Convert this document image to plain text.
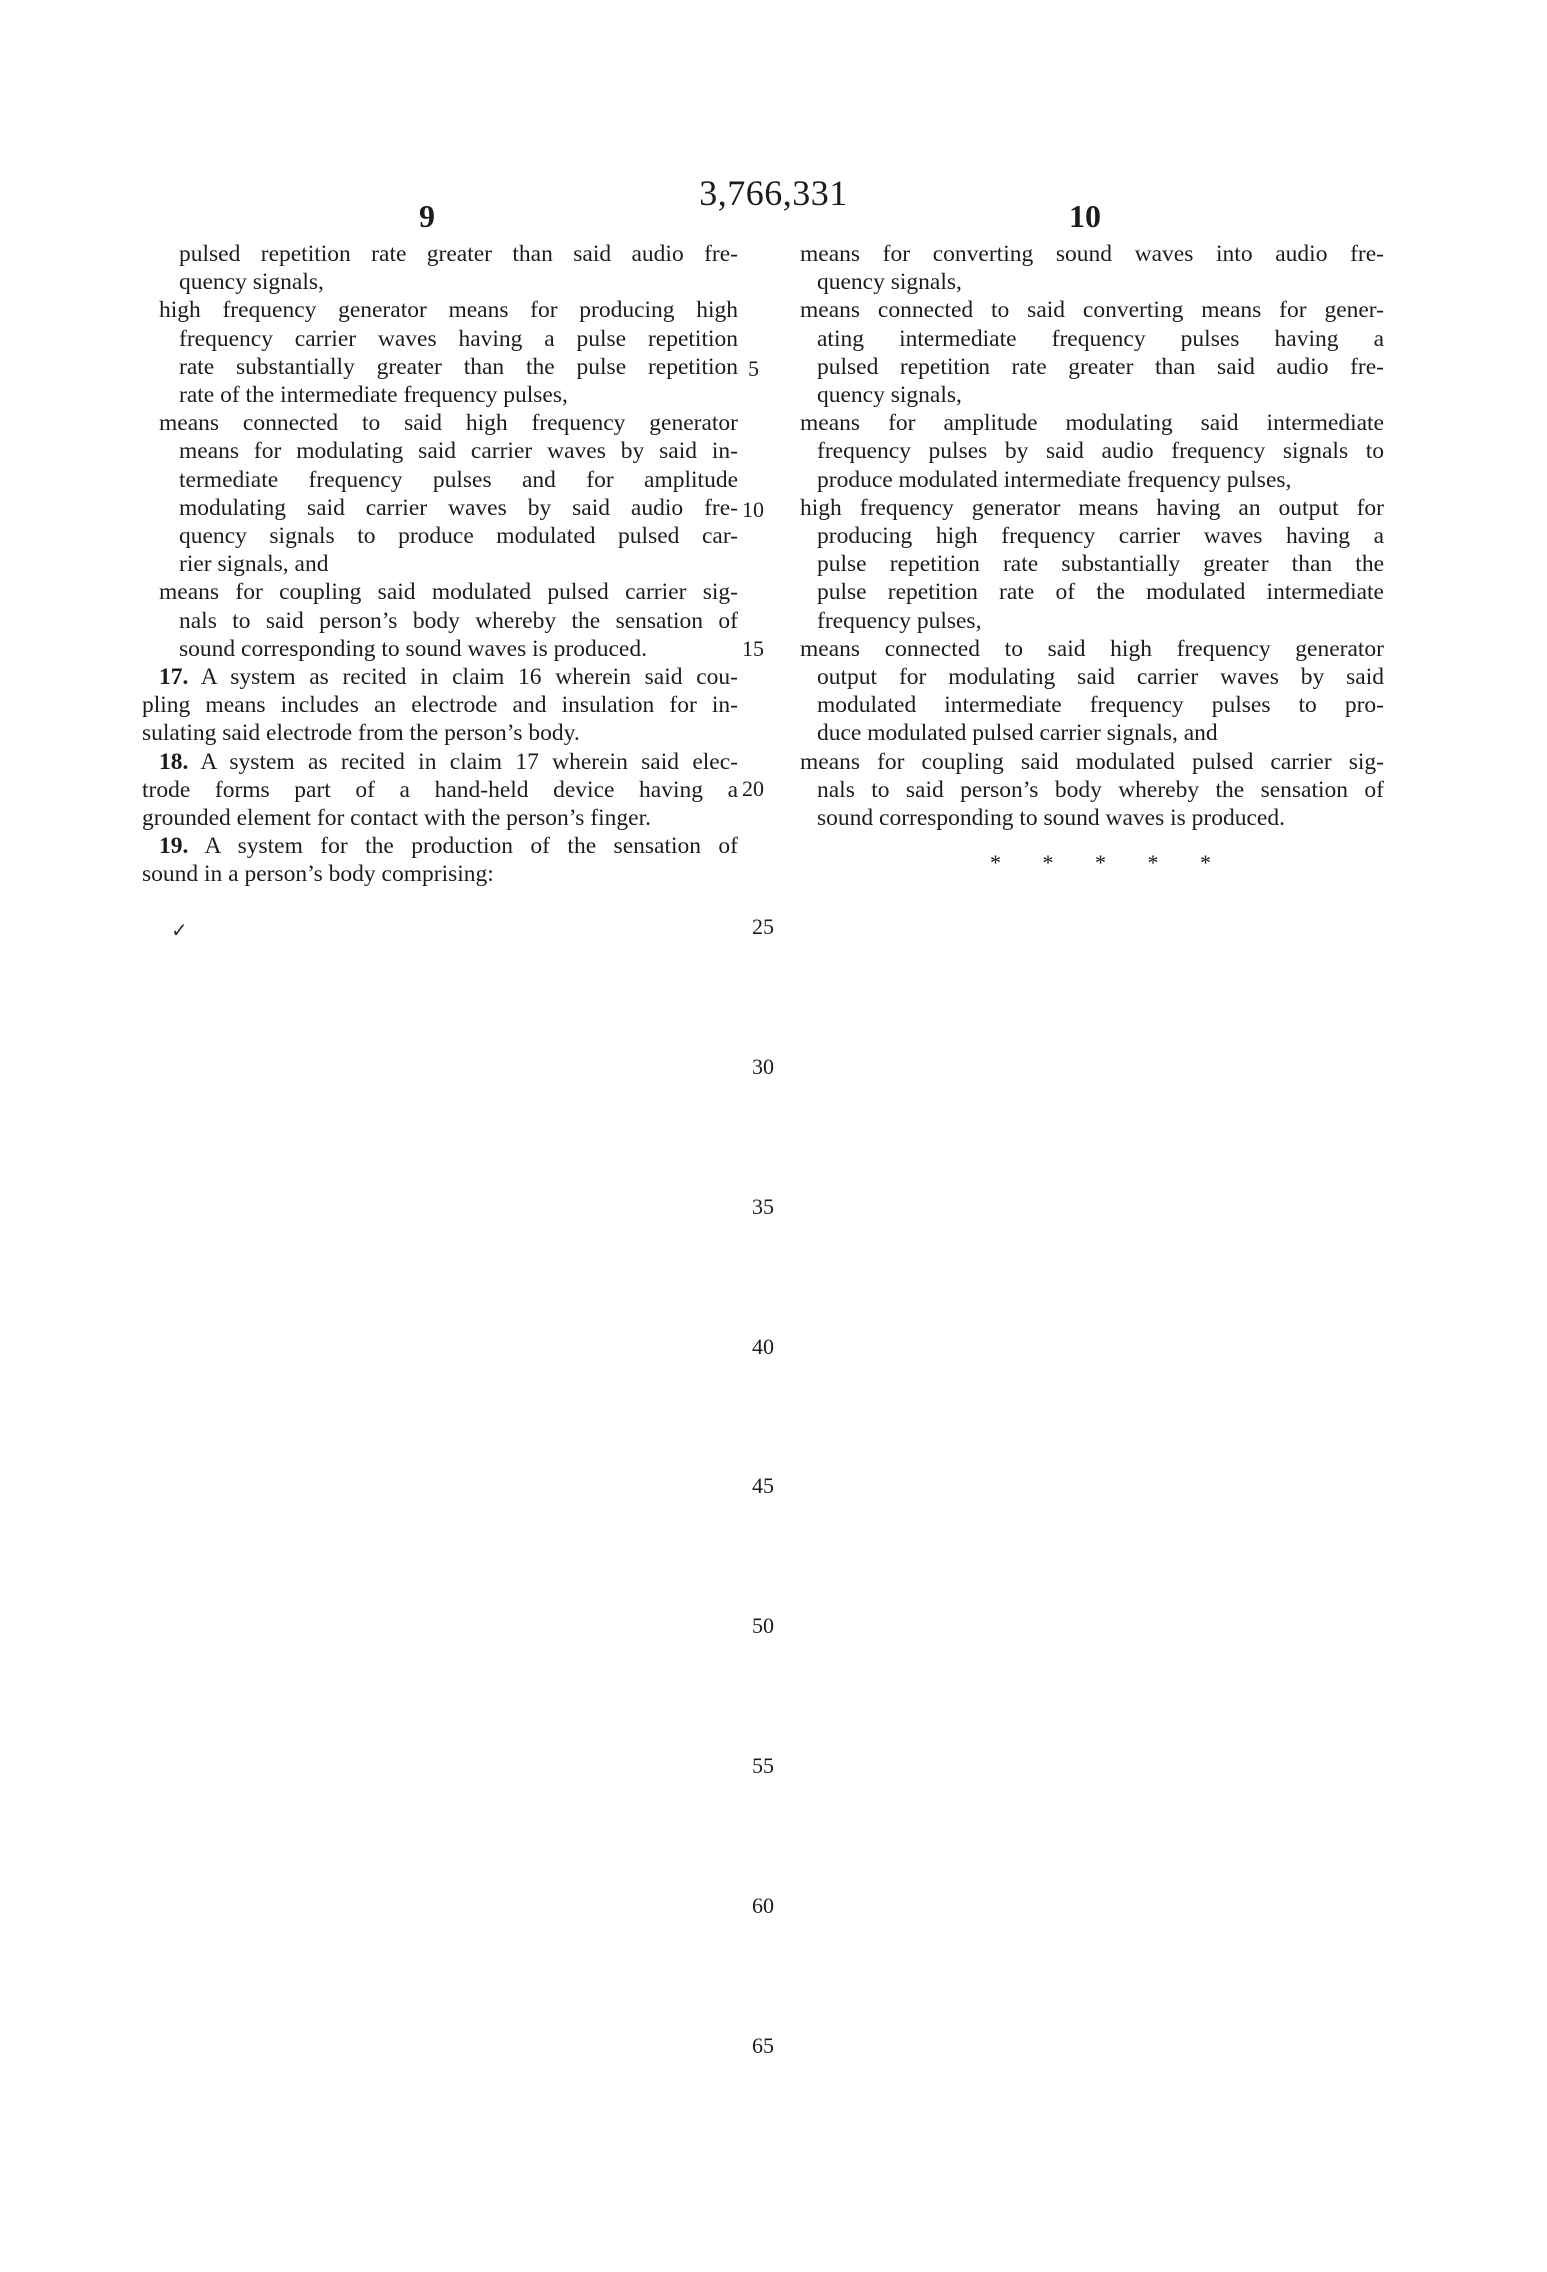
3,766,331
9	10
pulsed repetition rate greater than said audio fre-
quency signals,
high frequency generator means for producing high
frequency carrier waves having a pulse repetition
rate substantially greater than the pulse repetition
rate of the intermediate frequency pulses,
means connected to said high frequency generator
means for modulating said carrier waves by said in-
termediate frequency pulses and for amplitude
modulating said carrier waves by said audio fre-
quency signals to produce modulated pulsed car-
rier signals, and
means for coupling said modulated pulsed carrier sig-
nals to said person’s body whereby the sensation of
sound corresponding to sound waves is produced.
17. A system as recited in claim 16 wherein said cou-
pling means includes an electrode and insulation for in-
sulating said electrode from the person’s body.
18. A system as recited in claim 17 wherein said elec-
trode forms part of a hand-held device having a
grounded element for contact with the person’s finger.
19. A system for the production of the sensation of
sound in a person’s body comprising:
means for converting sound waves into audio fre-
quency signals,
means connected to said converting means for gener-
ating intermediate frequency pulses having a
pulsed repetition rate greater than said audio fre-
quency signals,
means for amplitude modulating said intermediate
frequency pulses by said audio frequency signals to
produce modulated intermediate frequency pulses,
high frequency generator means having an output for
producing high frequency carrier waves having a
pulse repetition rate substantially greater than the
pulse repetition rate of the modulated intermediate
frequency pulses,
means connected to said high frequency generator
output for modulating said carrier waves by said
modulated intermediate frequency pulses to pro-
duce modulated pulsed carrier signals, and
means for coupling said modulated pulsed carrier sig-
nals to said person’s body whereby the sensation of
sound corresponding to sound waves is produced.
* * * * *
✓
5
10
15
20
25
30
35
40
45
50
55
60
65
